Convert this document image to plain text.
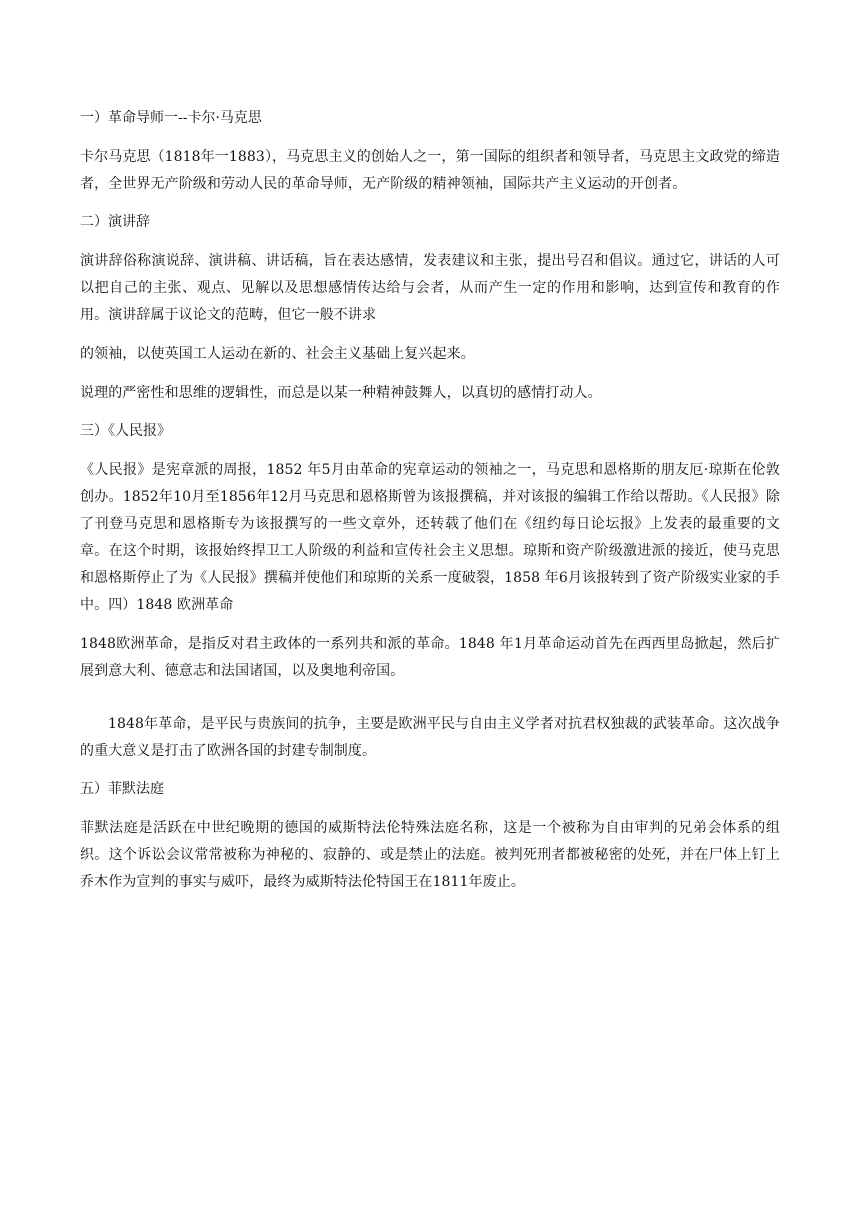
一）革命导师一--卡尔·马克思

卡尔马克思（1818年一1883），马克思主义的创始人之一，第一国际的组织者和领导者，马克思主文政党的缔造者，全世界无产阶级和劳动人民的革命导师，无产阶级的精神领袖，国际共产主义运动的开创者。

二）演讲辞

演讲辞俗称演说辞、演讲稿、讲话稿，旨在表达感情，发表建议和主张，提出号召和倡议。通过它，讲话的人可以把自己的主张、观点、见解以及思想感情传达给与会者，从而产生一定的作用和影响，达到宣传和教育的作用。演讲辞属于议论文的范畴，但它一般不讲求

的领袖，以使英国工人运动在新的、社会主义基础上复兴起来。

说理的严密性和思维的逻辑性，而总是以某一种精神鼓舞人，以真切的感情打动人。

三）《人民报》

《人民报》是宪章派的周报，1852 年5月由革命的宪章运动的领袖之一，马克思和恩格斯的朋友厄·琼斯在伦敦创办。1852年10月至1856年12月马克思和恩格斯曾为该报撰稿，并对该报的编辑工作给以帮助。《人民报》除了刊登马克思和恩格斯专为该报撰写的一些文章外，还转载了他们在《纽约每日论坛报》上发表的最重要的文章。在这个时期，该报始终捍卫工人阶级的利益和宣传社会主义思想。琼斯和资产阶级激进派的接近，使马克思和恩格斯停止了为《人民报》撰稿并使他们和琼斯的关系一度破裂，1858 年6月该报转到了资产阶级实业家的手中。四）1848 欧洲革命

1848欧洲革命，是指反对君主政体的一系列共和派的革命。1848 年1月革命运动首先在西西里岛掀起，然后扩展到意大利、德意志和法国诸国，以及奥地利帝国。

1848年革命，是平民与贵族间的抗争，主要是欧洲平民与自由主义学者对抗君权独裁的武装革命。这次战争的重大意义是打击了欧洲各国的封建专制制度。

五）菲默法庭

菲默法庭是活跃在中世纪晚期的德国的威斯特法伦特殊法庭名称，这是一个被称为自由审判的兄弟会体系的组织。这个诉讼会议常常被称为神秘的、寂静的、或是禁止的法庭。被判死刑者都被秘密的处死，并在尸体上钉上乔木作为宣判的事实与威吓，最终为威斯特法伦特国王在1811年废止。
